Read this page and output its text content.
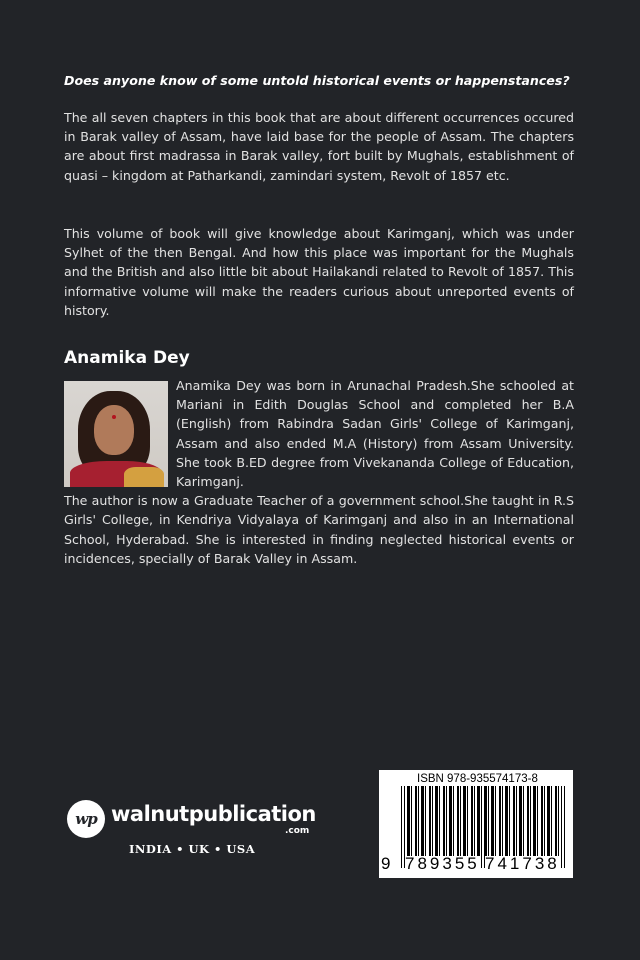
Does anyone know of some untold historical events or happenstances?

The all seven chapters in this book that are about different occurrences occured in Barak valley of Assam, have laid base for the people of Assam. The chapters are about first madrassa in Barak valley, fort built by Mughals, establishment of quasi – kingdom at Patharkandi, zamindari system, Revolt of 1857 etc.

This volume of book will give knowledge about Karimganj, which was under Sylhet of the then Bengal. And how this place was important for the Mughals and the British and also little bit about Hailakandi related to Revolt of 1857. This informative volume will make the readers curious about unreported events of history.

Anamika Dey

Anamika Dey was born in Arunachal Pradesh.She schooled at Mariani in Edith Douglas School and completed her B.A (English) from Rabindra Sadan Girls' College of Karimganj, Assam and also ended M.A (History) from Assam University. She took B.ED degree from Vivekananda College of Education, Karimganj.

The author is now a Graduate Teacher of a government school.She taught in R.S Girls' College, in Kendriya Vidyalaya of Karimganj and also in an International School, Hyderabad. She is interested in finding neglected historical events or incidences, specially of Barak Valley in Assam.

wp walnutpublication
.com
INDIA • UK • USA
ISBN 978-935574173-8
9 789355 741738
